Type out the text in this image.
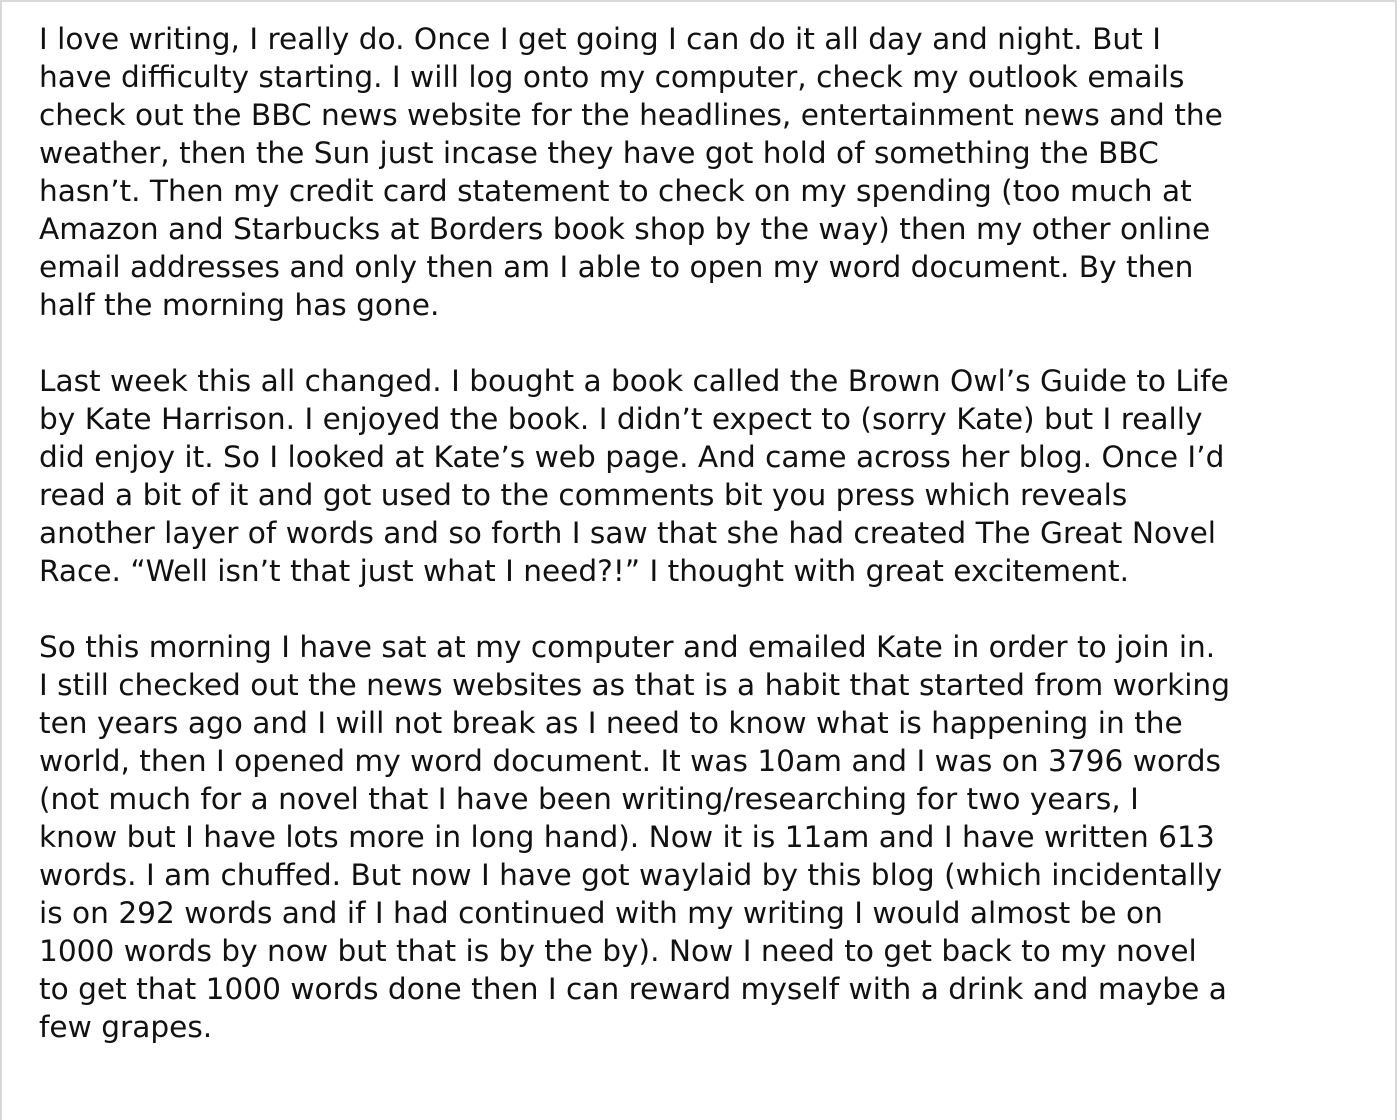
I love writing, I really do. Once I get going I can do it all day and night. But I
have difficulty starting. I will log onto my computer, check my outlook emails
check out the BBC news website for the headlines, entertainment news and the
weather, then the Sun just incase they have got hold of something the BBC
hasn’t. Then my credit card statement to check on my spending (too much at
Amazon and Starbucks at Borders book shop by the way) then my other online
email addresses and only then am I able to open my word document. By then
half the morning has gone.
Last week this all changed. I bought a book called the Brown Owl’s Guide to Life
by Kate Harrison. I enjoyed the book. I didn’t expect to (sorry Kate) but I really
did enjoy it. So I looked at Kate’s web page. And came across her blog. Once I’d
read a bit of it and got used to the comments bit you press which reveals
another layer of words and so forth I saw that she had created The Great Novel
Race. “Well isn’t that just what I need?!” I thought with great excitement.
So this morning I have sat at my computer and emailed Kate in order to join in.
I still checked out the news websites as that is a habit that started from working
ten years ago and I will not break as I need to know what is happening in the
world, then I opened my word document. It was 10am and I was on 3796 words
(not much for a novel that I have been writing/researching for two years, I
know but I have lots more in long hand). Now it is 11am and I have written 613
words. I am chuffed. But now I have got waylaid by this blog (which incidentally
is on 292 words and if I had continued with my writing I would almost be on
1000 words by now but that is by the by). Now I need to get back to my novel
to get that 1000 words done then I can reward myself with a drink and maybe a
few grapes.
